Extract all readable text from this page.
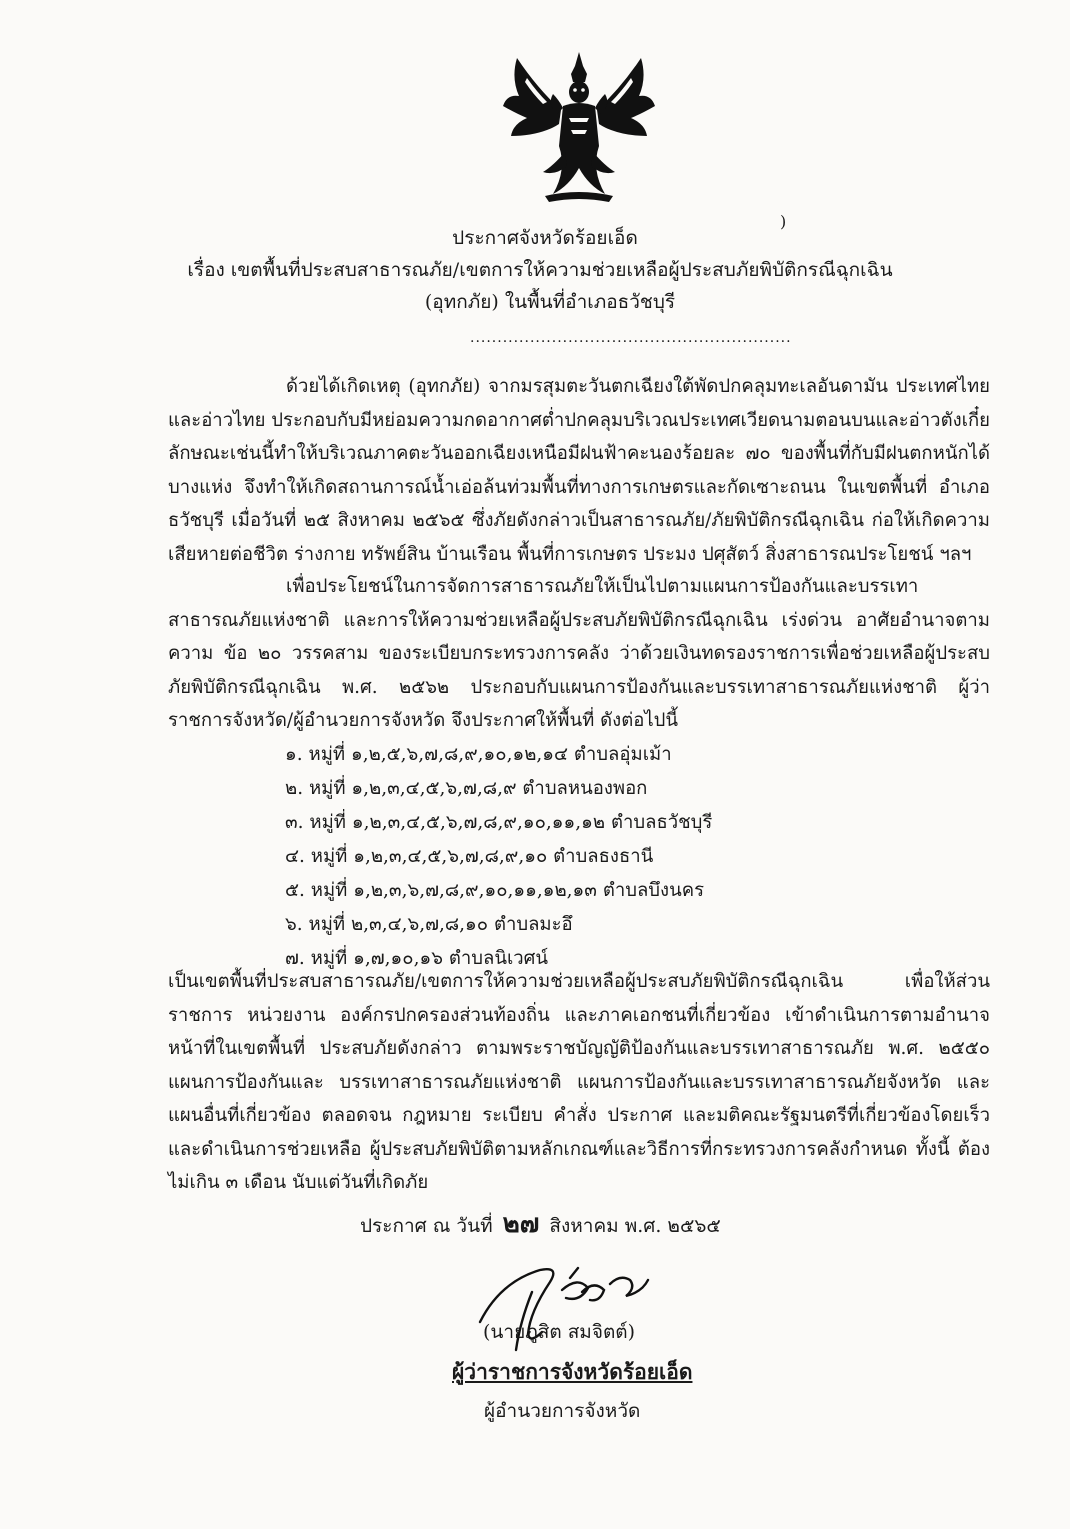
)
ประกาศจังหวัดร้อยเอ็ด
เรื่อง เขตพื้นที่ประสบสาธารณภัย/เขตการให้ความช่วยเหลือผู้ประสบภัยพิบัติกรณีฉุกเฉิน
(อุทกภัย) ในพื้นที่อำเภอธวัชบุรี
...........................................................

ด้วยได้เกิดเหตุ (อุทกภัย) จากมรสุมตะวันตกเฉียงใต้พัดปกคลุมทะเลอันดามัน ประเทศไทย และอ่าวไทย ประกอบกับมีหย่อมความกดอากาศต่ำปกคลุมบริเวณประเทศเวียดนามตอนบนและอ่าวตังเกี๋ย ลักษณะเช่นนี้ทำให้บริเวณภาคตะวันออกเฉียงเหนือมีฝนฟ้าคะนองร้อยละ ๗๐ ของพื้นที่กับมีฝนตกหนักได้บางแห่ง จึงทำให้เกิดสถานการณ์น้ำเอ่อล้นท่วมพื้นที่ทางการเกษตรและกัดเซาะถนน ในเขตพื้นที่ อำเภอธวัชบุรี เมื่อวันที่ ๒๕ สิงหาคม ๒๕๖๕ ซึ่งภัยดังกล่าวเป็นสาธารณภัย/ภัยพิบัติกรณีฉุกเฉิน ก่อให้เกิดความเสียหายต่อชีวิต ร่างกาย ทรัพย์สิน บ้านเรือน พื้นที่การเกษตร ประมง ปศุสัตว์ สิ่งสาธารณประโยชน์ ฯลฯ

เพื่อประโยชน์ในการจัดการสาธารณภัยให้เป็นไปตามแผนการป้องกันและบรรเทาสาธารณภัยแห่งชาติ และการให้ความช่วยเหลือผู้ประสบภัยพิบัติกรณีฉุกเฉิน เร่งด่วน อาศัยอำนาจตามความ ข้อ ๒๐ วรรคสาม ของระเบียบกระทรวงการคลัง ว่าด้วยเงินทดรองราชการเพื่อช่วยเหลือผู้ประสบภัยพิบัติกรณีฉุกเฉิน พ.ศ. ๒๕๖๒ ประกอบกับแผนการป้องกันและบรรเทาสาธารณภัยแห่งชาติ ผู้ว่าราชการจังหวัด/ผู้อำนวยการจังหวัด จึงประกาศให้พื้นที่ ดังต่อไปนี้

๑. หมู่ที่ ๑,๒,๕,๖,๗,๘,๙,๑๐,๑๒,๑๔ ตำบลอุ่มเม้า
๒. หมู่ที่ ๑,๒,๓,๔,๕,๖,๗,๘,๙ ตำบลหนองพอก
๓. หมู่ที่ ๑,๒,๓,๔,๕,๖,๗,๘,๙,๑๐,๑๑,๑๒ ตำบลธวัชบุรี
๔. หมู่ที่ ๑,๒,๓,๔,๕,๖,๗,๘,๙,๑๐ ตำบลธงธานี
๕. หมู่ที่ ๑,๒,๓,๖,๗,๘,๙,๑๐,๑๑,๑๒,๑๓ ตำบลบึงนคร
๖. หมู่ที่ ๒,๓,๔,๖,๗,๘,๑๐ ตำบลมะอึ
๗. หมู่ที่ ๑,๗,๑๐,๑๖ ตำบลนิเวศน์

เป็นเขตพื้นที่ประสบสาธารณภัย/เขตการให้ความช่วยเหลือผู้ประสบภัยพิบัติกรณีฉุกเฉิน เพื่อให้ส่วนราชการ หน่วยงาน องค์กรปกครองส่วนท้องถิ่น และภาคเอกชนที่เกี่ยวข้อง เข้าดำเนินการตามอำนาจหน้าที่ในเขตพื้นที่ ประสบภัยดังกล่าว ตามพระราชบัญญัติป้องกันและบรรเทาสาธารณภัย พ.ศ. ๒๕๕๐ แผนการป้องกันและ บรรเทาสาธารณภัยแห่งชาติ แผนการป้องกันและบรรเทาสาธารณภัยจังหวัด และแผนอื่นที่เกี่ยวข้อง ตลอดจน กฎหมาย ระเบียบ คำสั่ง ประกาศ และมติคณะรัฐมนตรีที่เกี่ยวข้องโดยเร็ว และดำเนินการช่วยเหลือ ผู้ประสบภัยพิบัติตามหลักเกณฑ์และวิธีการที่กระทรวงการคลังกำหนด ทั้งนี้ ต้องไม่เกิน ๓ เดือน นับแต่วันที่เกิดภัย

ประกาศ ณ วันที่ ๒๗ สิงหาคม พ.ศ. ๒๕๖๕
(นายภูสิต สมจิตต์)
ผู้ว่าราชการจังหวัดร้อยเอ็ด
ผู้อำนวยการจังหวัด
